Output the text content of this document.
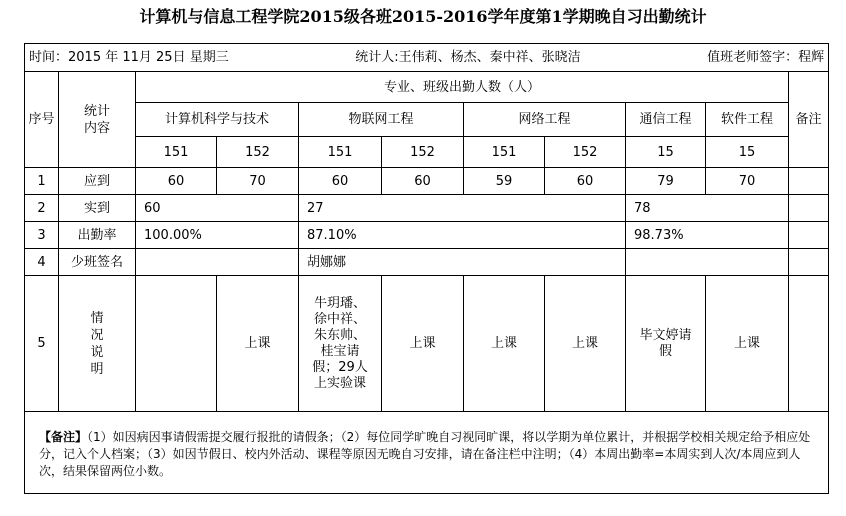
计算机与信息工程学院2015级各班2015-2016学年度第1学期晚自习出勤统计
时间：2015 年 11月 25日 星期三 统计人:王伟莉、杨杰、秦中祥、张晓洁 值班老师签字：程辉										

序号	统计内容	专业、班级出勤人数（人）								备注
		计算机科学与技术		物联网工程		网络工程		通信工程	软件工程	
		151	152	151	152	151	152	15	15	
1	应到	60	70	60	60	59	60	79	70	
2	实到	60		27				78		
3	出勤率	100.00%		87.10%				98.73%		
4	少班签名			胡娜娜						
5	情况说明		上课	牛玥璠、徐中祥、朱东帅、桂宝请假；29人上实验课	上课	上课	上课	毕文婷请假	上课	
【备注】（1）如因病因事请假需提交履行报批的请假条；（2）每位同学旷晚自习视同旷课，将以学期为单位累计，并根据学校相关规定给予相应处分，记入个人档案；（3）如因节假日、校内外活动、课程等原因无晚自习安排，请在备注栏中注明；（4）本周出勤率=本周实到人次/本周应到人次，结果保留两位小数。										
